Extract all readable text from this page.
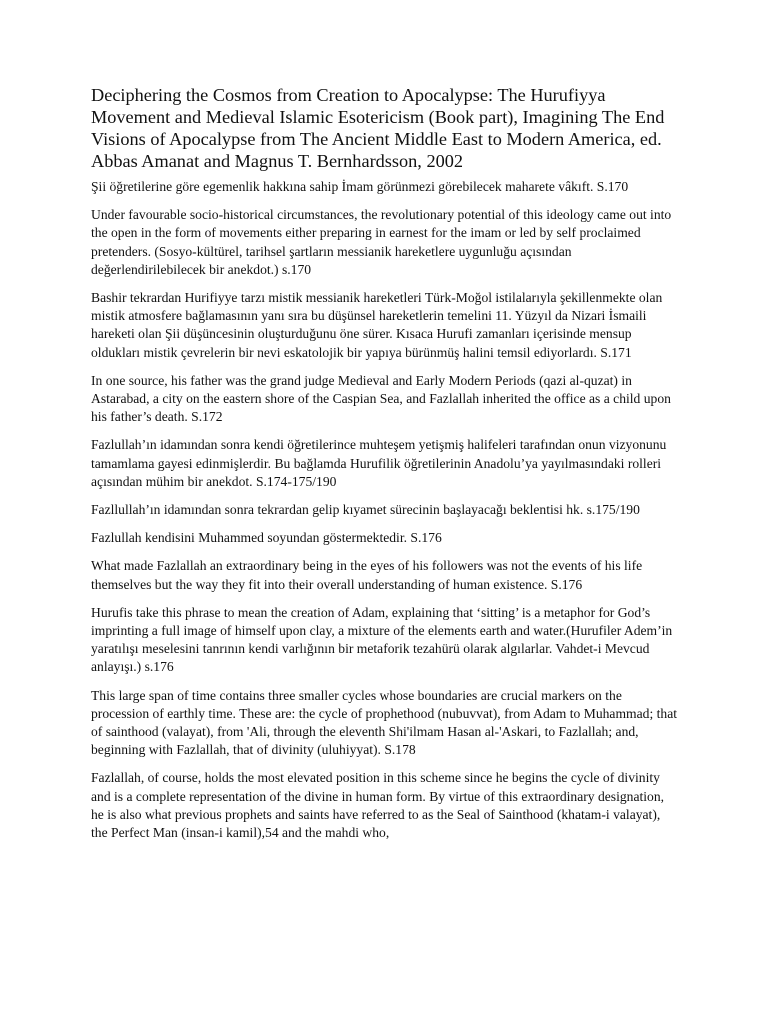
Deciphering the Cosmos from Creation to Apocalypse: The Hurufiyya Movement and Medieval Islamic Esotericism (Book part), Imagining The End Visions of Apocalypse from The Ancient Middle East to Modern America, ed. Abbas Amanat and Magnus T. Bernhardsson, 2002

Şii öğretilerine göre egemenlik hakkına sahip İmam görünmezi görebilecek maharete vâkıft. S.170

Under favourable socio-historical circumstances, the revolutionary potential of this ideology came out into the open in the form of movements either preparing in earnest for the imam or led by self proclaimed pretenders. (Sosyo-kültürel, tarihsel şartların messianik hareketlere uygunluğu açısından değerlendirilebilecek bir anekdot.) s.170

Bashir tekrardan Hurifiyye tarzı mistik messianik hareketleri Türk-Moğol istilalarıyla şekillenmekte olan mistik atmosfere bağlamasının yanı sıra bu düşünsel hareketlerin temelini 11. Yüzyıl da Nizari İsmaili hareketi olan Şii düşüncesinin oluşturduğunu öne sürer. Kısaca Hurufi zamanları içerisinde mensup oldukları mistik çevrelerin bir nevi eskatolojik bir yapıya bürünmüş halini temsil ediyorlardı. S.171

In one source, his father was the grand judge Medieval and Early Modern Periods (qazi al-quzat) in Astarabad, a city on the eastern shore of the Caspian Sea, and Fazlallah inherited the office as a child upon his father’s death. S.172

Fazlullah’ın idamından sonra kendi öğretilerince muhteşem yetişmiş halifeleri tarafından onun vizyonunu tamamlama gayesi edinmişlerdir. Bu bağlamda Hurufilik öğretilerinin Anadolu’ya yayılmasındaki rolleri açısından mühim bir anekdot. S.174-175/190

Fazllullah’ın idamından sonra tekrardan gelip kıyamet sürecinin başlayacağı beklentisi hk. s.175/190

Fazlullah kendisini Muhammed soyundan göstermektedir. S.176

What made Fazlallah an extraordinary being in the eyes of his followers was not the events of his life themselves but the way they fit into their overall understanding of human existence. S.176

Hurufis take this phrase to mean the creation of Adam, explaining that ‘sitting’ is a metaphor for God’s imprinting a full image of himself upon clay, a mixture of the elements earth and water.(Hurufiler Adem’in yaratılışı meselesini tanrının kendi varlığının bir metaforik tezahürü olarak algılarlar. Vahdet-i Mevcud anlayışı.) s.176

This large span of time contains three smaller cycles whose boundaries are crucial markers on the procession of earthly time. These are: the cycle of prophethood (nubuvvat), from Adam to Muhammad; that of sainthood (valayat), from 'Ali, through the eleventh Shi'ilmam Hasan al-'Askari, to Fazlallah; and, beginning with Fazlallah, that of divinity (uluhiyyat). S.178

Fazlallah, of course, holds the most elevated position in this scheme since he begins the cycle of divinity and is a complete representation of the divine in human form. By virtue of this extraordinary designation, he is also what previous prophets and saints have referred to as the Seal of Sainthood (khatam-i valayat), the Perfect Man (insan-i kamil),54 and the mahdi who,
